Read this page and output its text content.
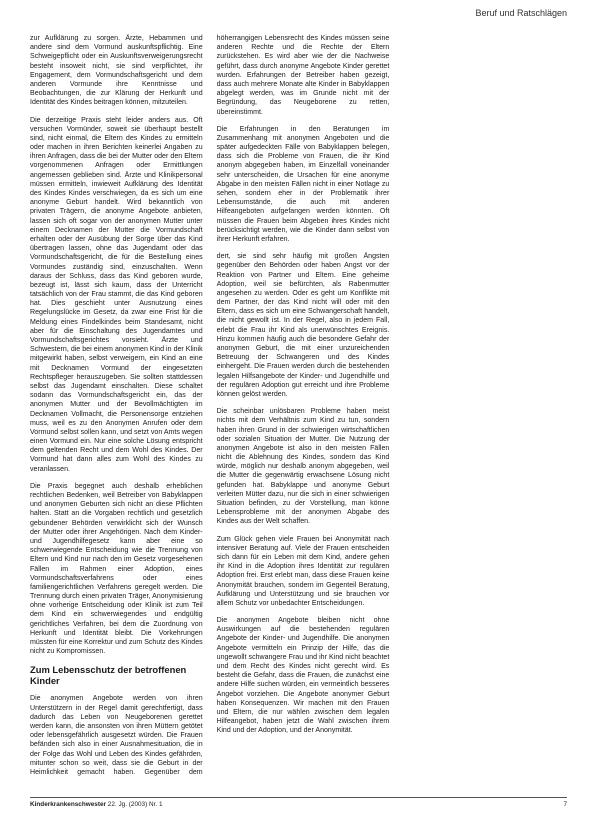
Beruf und Ratschlägen

zur Aufklärung zu sorgen. Ärzte, Hebammen und andere sind dem Vormund auskunftspflichtig. Eine Schweigepflicht oder ein Auskunftsverweigerungsrecht besteht insoweit nicht, sie sind verpflichtet, ihr Engagement, dem Vormundschaftsgericht und dem anderen Vormunde ihre Kenntnisse und Beobachtungen, die zur Klärung der Herkunft und Identität des Kindes beitragen können, mitzuteilen.

Die derzeitige Praxis steht leider anders aus. Oft versuchen Vormünder, soweit sie überhaupt bestellt sind, nicht einmal, die Eltern des Kindes zu ermitteln oder machen in ihren Berichten keinerlei Angaben zu ihren Anfragen, dass die bei der Mutter oder den Eltern vorgenommenen Anfragen oder Ermittlungen angemessen geblieben sind. Ärzte und Klinikpersonal müssen ermitteln, inwieweit Aufklärung des Identität des Kindes Kindes verschwiegen, da es sich um eine anonyme Geburt handelt. Wird bekanntlich von privaten Trägern, die anonyme Angebote anbieten, lassen sich oft sogar von der anonymen Mutter unter einem Decknamen der Mutter die Vormundschaft erhalten oder der Ausübung der Sorge über das Kind übertragen lassen, ohne das Jugendamt oder das Vormundschaftsgericht, die für die Bestellung eines Vormundes zuständig sind, einzuschalten. Wenn daraus der Schluss, dass das Kind geboren wurde, bezeugt ist, lässt sich kaum, dass der Unterricht tatsächlich von der Frau stammt, die das Kind geboren hat. Dies geschieht unter Ausnutzung eines Regelungslücke im Gesetz, da zwar eine Frist für die Meldung eines Findelkindes beim Standesamt, nicht aber für die Einschaltung des Jugendamtes und Vormundschaftsgerichtes vorsieht. Ärzte und Schwestern, die bei einem anonymen Kind in der Klinik mitgewirkt haben, selbst verweigern, ein Kind an eine mit Decknamen Vormund der eingesetzten Rechtspfleger herauszugeben. Sie sollten stattdessen selbst das Jugendamt einschalten. Diese schaltet sodann das Vormundschaftsgericht ein, das der anonymen Mutter und der Bevollmächtigten im Decknamen Vollmacht, die Personensorge entziehen muss, weil es zu den Anonymen Anrufen oder dem Vormund selbst sollen kann, und setzt von Amts wegen einen Vormund ein. Nur eine solche Lösung entspricht dem geltenden Recht und dem Wohl des Kindes. Der Vormund hat dann alles zum Wohl des Kindes zu veranlassen.

Die Praxis begegnet auch deshalb erheblichen rechtlichen Bedenken, weil Betreiber von Babyklappen und anonymen Geburten sich nicht an diese Pflichten halten. Statt an die Vorgaben rechtlich und gesetzlich gebundener Behörden verwirklicht sich der Wunsch der Mutter oder ihrer Angehörigen. Nach dem Kinder- und Jugendhilfegesetz kann aber eine so schwerwiegende Entscheidung wie die Trennung von Eltern und Kind nur nach den im Gesetz vorgesehenen Fällen im Rahmen einer Adoption, eines Vormundschaftsverfahrens oder eines familiengerichtlichen Verfahrens geregelt werden. Die Trennung durch einen privaten Träger, Anonymisierung ohne vorherige Entscheidung oder Klinik ist zum Teil dem Kind ein schwerwiegendes und endgültig gerichtliches Verfahren, bei dem die Zuordnung von Herkunft und Identität bleibt. Die Vorkehrungen müssten für eine Korrektur und zum Schutz des Kindes nicht zu Kompromissen.

Zum Lebensschutz der betroffenen Kinder

Die anonymen Angebote werden von ihren Unterstützern in der Regel damit gerechtfertigt, dass dadurch das Leben von Neugeborenen gerettet werden kann, die ansonsten von ihren Müttern getötet oder lebensgefährlich ausgesetzt würden. Die Frauen befänden sich also in einer Ausnahmesituation, die in der Folge das Wohl und Leben des Kindes gefährden, mitunter schon so weit, dass sie die Geburt in der Heimlichkeit gemacht haben. Gegenüber dem höherrangigen Lebensrecht des Kindes müssen seine anderen Rechte und die Rechte der Eltern zurückstehen. Es wird aber wie der die Nachweise geführt, dass durch anonyme Angebote Kinder gerettet wurden. Erfahrungen der Betreiber haben gezeigt, dass auch mehrere Monate alte Kinder in Babyklappen abgelegt werden, was im Grunde nicht mit der Begründung, das Neugeborene zu retten, übereinstimmt.

Die Erfahrungen in den Beratungen im Zusammenhang mit anonymen Angeboten und die später aufgedeckten Fälle von Babyklappen belegen, dass sich die Probleme von Frauen, die ihr Kind anonym abgegeben haben, im Einzelfall voneinander sehr unterscheiden, die Ursachen für eine anonyme Abgabe in den meisten Fällen nicht in einer Notlage zu sehen, sondern eher in der Problematik ihrer Lebensumstände, die auch mit anderen Hilfeangeboten aufgefangen werden könnten. Oft müssen die Frauen beim Abgeben ihres Kindes nicht berücksichtigt werden, wie die Kinder dann selbst von ihrer Herkunft erfahren.

dert, sie sind sehr häufig mit großen Ängsten gegenüber den Behörden oder haben Angst vor der Reaktion von Partner und Eltern. Eine geheime Adoption, weil sie befürchten, als Rabenmutter angesehen zu werden. Oder es geht um Konflikte mit dem Partner, der das Kind nicht will oder mit den Eltern, dass es sich um eine Schwangerschaft handelt, die nicht gewollt ist. In der Regel, also in jedem Fall, erlebt die Frau ihr Kind als unerwünschtes Ereignis. Hinzu kommen häufig auch die besondere Gefahr der anonymen Geburt, die mit einer unzureichenden Betreuung der Schwangeren und des Kindes einhergeht. Die Frauen werden durch die bestehenden legalen Hilfsangebote der Kinder- und Jugendhilfe und der regulären Adoption gut erreicht und ihre Probleme können gelöst werden.

Die scheinbar unlösbaren Probleme haben meist nichts mit dem Verhältnis zum Kind zu tun, sondern haben ihren Grund in der schwierigen wirtschaftlichen oder sozialen Situation der Mutter. Die Nutzung der anonymen Angebote ist also in den meisten Fällen nicht die Ablehnung des Kindes, sondern das Kind würde, möglich nur deshalb anonym abgegeben, weil die Mutter die gegenwärtig erwachsene Lösung nicht gefunden hat. Babyklappe und anonyme Geburt verleiten Mütter dazu, nur die sich in einer schwierigen Situation befinden, zu der Vorstellung, man könne Lebensprobleme mit der anonymen Abgabe des Kindes aus der Welt schaffen.

Zum Glück gehen viele Frauen bei Anonymität nach intensiver Beratung auf. Viele der Frauen entscheiden sich dann für ein Leben mit dem Kind, andere gehen ihr Kind in die Adoption ihres Identität zur regulären Adoption frei. Erst erlebt man, dass diese Frauen keine Anonymität brauchen, sondern im Gegenteil Beratung, Aufklärung und Unterstützung und sie brauchen vor allem Schutz vor unbedachter Entscheidungen.

Die anonymen Angebote bleiben nicht ohne Auswirkungen auf die bestehenden regulären Angebote der Kinder- und Jugendhilfe. Die anonymen Angebote vermitteln ein Prinzip der Hilfe, das die ungewollt schwangere Frau und ihr Kind nicht beachtet und dem Recht des Kindes nicht gerecht wird. Es besteht die Gefahr, dass die Frauen, die zunächst eine andere Hilfe suchen würden, ein vermeintlich besseres Angebot vorziehen. Die Angebote anonymer Geburt haben Konsequenzen. Wir machen mit den Frauen und Eltern, die nur wählen zwischen dem legalen Hilfeangebot, haben jetzt die Wahl zwischen ihrem Kind und der Adoption, und der Anonymität.

Kinderkrankenschwester 22. Jg. (2003) Nr. 1	7
